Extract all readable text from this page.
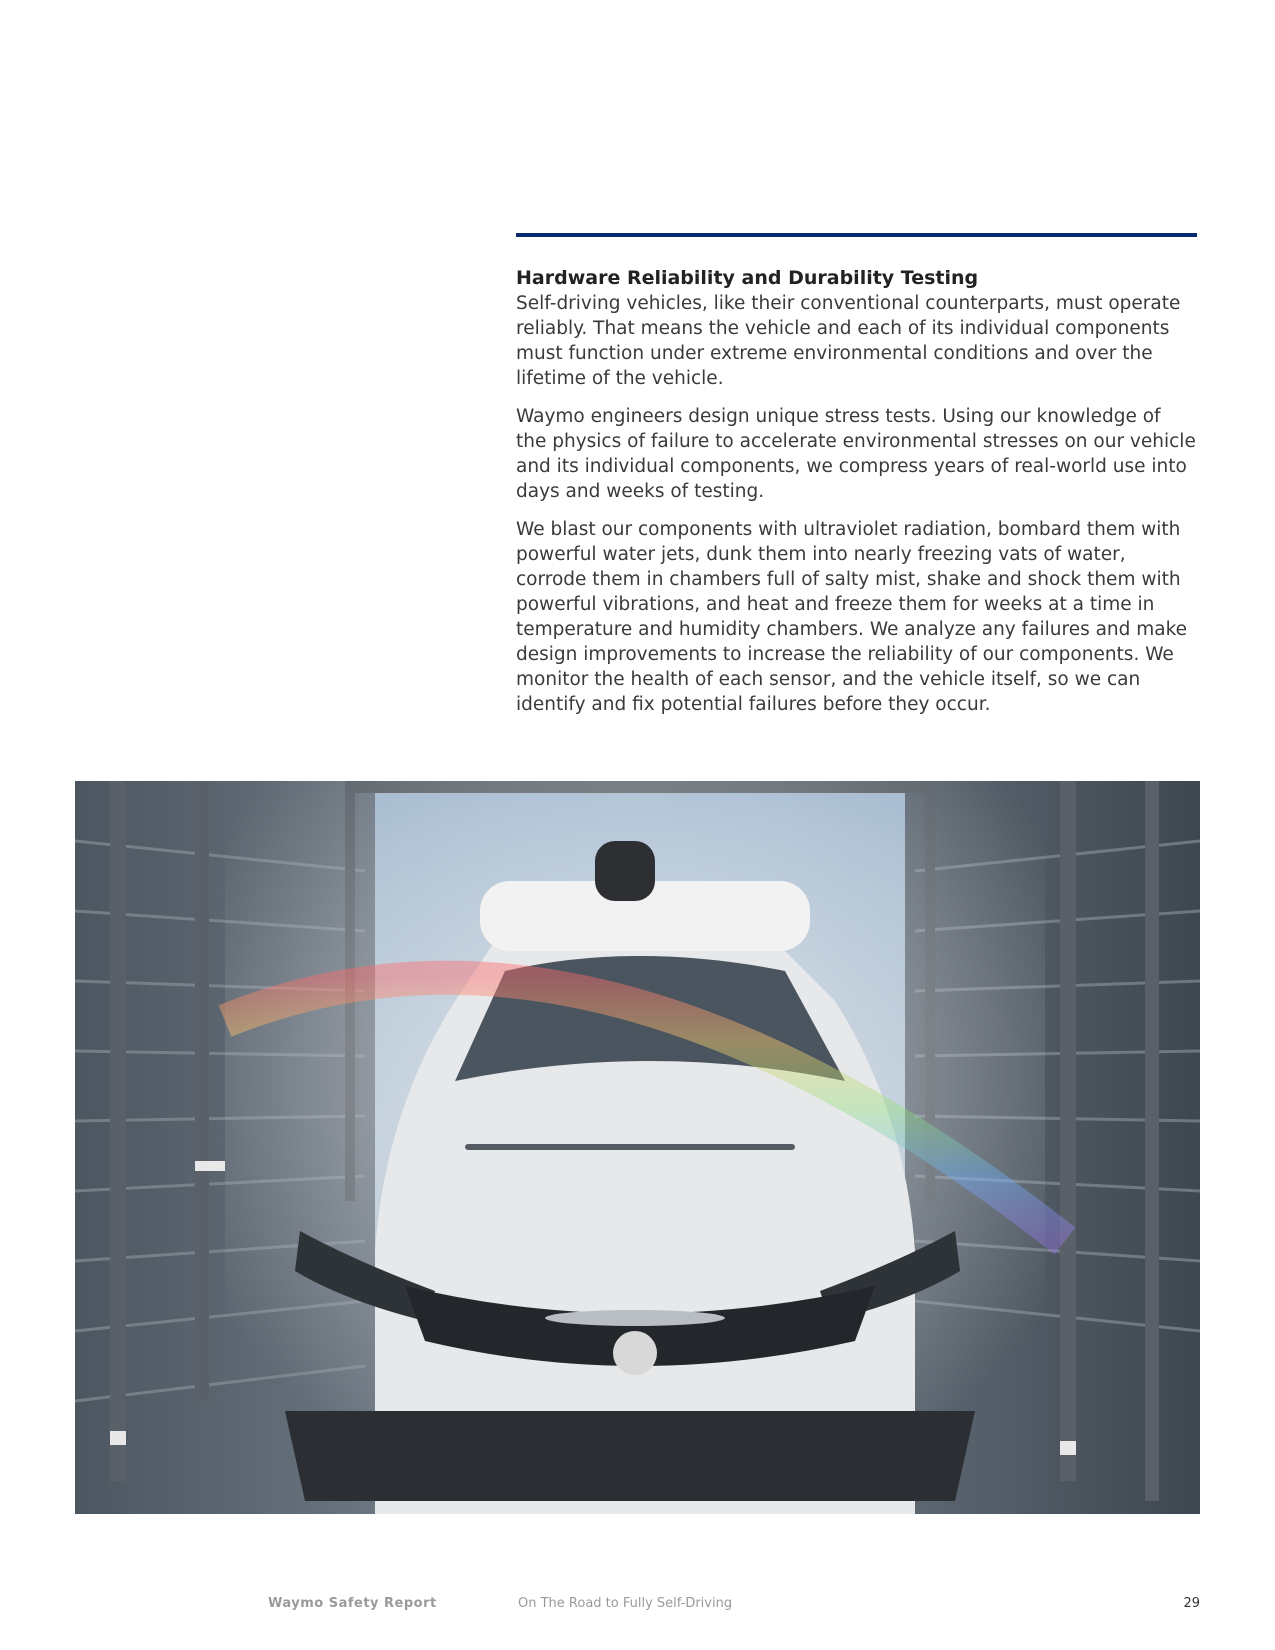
Hardware Reliability and Durability Testing

Self-driving vehicles, like their conventional counterparts, must operate reliably. That means the vehicle and each of its individual components must function under extreme environmental conditions and over the lifetime of the vehicle.

Waymo engineers design unique stress tests. Using our knowledge of the physics of failure to accelerate environmental stresses on our vehicle and its individual components, we compress years of real-world use into days and weeks of testing.

We blast our components with ultraviolet radiation, bombard them with powerful water jets, dunk them into nearly freezing vats of water, corrode them in chambers full of salty mist, shake and shock them with powerful vibrations, and heat and freeze them for weeks at a time in temperature and humidity chambers. We analyze any failures and make design improvements to increase the reliability of our components. We monitor the health of each sensor, and the vehicle itself, so we can identify and fix potential failures before they occur.

Waymo Safety Report	On The Road to Fully Self-Driving	29
